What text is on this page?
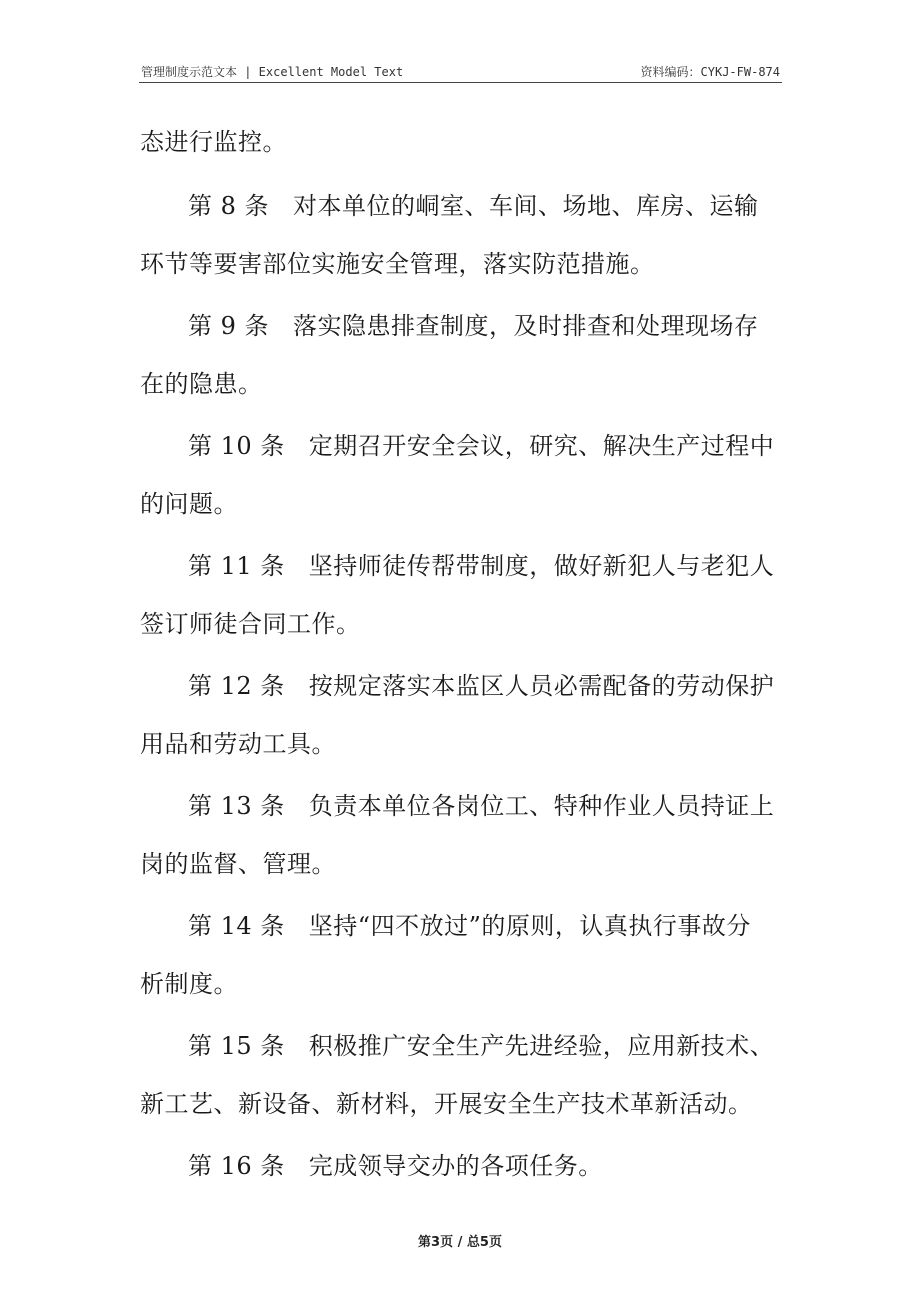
管理制度示范文本 | Excellent Model Text	资料编码：CYKJ-FW-874
态进行监控。
第 8 条 对本单位的峒室、车间、场地、库房、运输
环节等要害部位实施安全管理，落实防范措施。
第 9 条 落实隐患排查制度，及时排查和处理现场存
在的隐患。
第 10 条 定期召开安全会议，研究、解决生产过程中
的问题。
第 11 条 坚持师徒传帮带制度，做好新犯人与老犯人
签订师徒合同工作。
第 12 条 按规定落实本监区人员必需配备的劳动保护
用品和劳动工具。
第 13 条 负责本单位各岗位工、特种作业人员持证上
岗的监督、管理。
第 14 条 坚持“四不放过”的原则，认真执行事故分
析制度。
第 15 条 积极推广安全生产先进经验，应用新技术、
新工艺、新设备、新材料，开展安全生产技术革新活动。
第 16 条 完成领导交办的各项任务。
第3页 / 总5页
